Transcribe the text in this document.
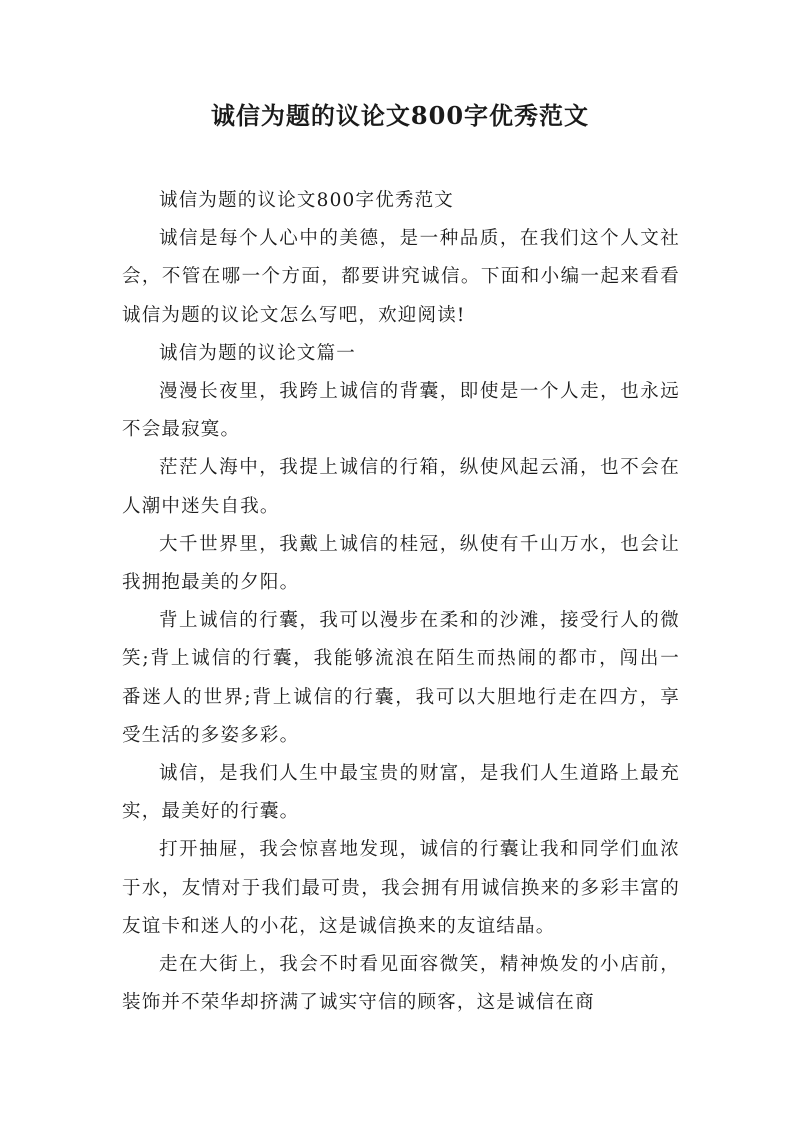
诚信为题的议论文800字优秀范文

诚信为题的议论文800字优秀范文

诚信是每个人心中的美德，是一种品质，在我们这个人文社会，不管在哪一个方面，都要讲究诚信。下面和小编一起来看看诚信为题的议论文怎么写吧，欢迎阅读!

诚信为题的议论文篇一

漫漫长夜里，我跨上诚信的背囊，即使是一个人走，也永远不会最寂寞。

茫茫人海中，我提上诚信的行箱，纵使风起云涌，也不会在人潮中迷失自我。

大千世界里，我戴上诚信的桂冠，纵使有千山万水，也会让我拥抱最美的夕阳。

背上诚信的行囊，我可以漫步在柔和的沙滩，接受行人的微笑;背上诚信的行囊，我能够流浪在陌生而热闹的都市，闯出一番迷人的世界;背上诚信的行囊，我可以大胆地行走在四方，享受生活的多姿多彩。

诚信，是我们人生中最宝贵的财富，是我们人生道路上最充实，最美好的行囊。

打开抽屉，我会惊喜地发现，诚信的行囊让我和同学们血浓于水，友情对于我们最可贵，我会拥有用诚信换来的多彩丰富的友谊卡和迷人的小花，这是诚信换来的友谊结晶。

走在大街上，我会不时看见面容微笑，精神焕发的小店前，装饰并不荣华却挤满了诚实守信的顾客，这是诚信在商
